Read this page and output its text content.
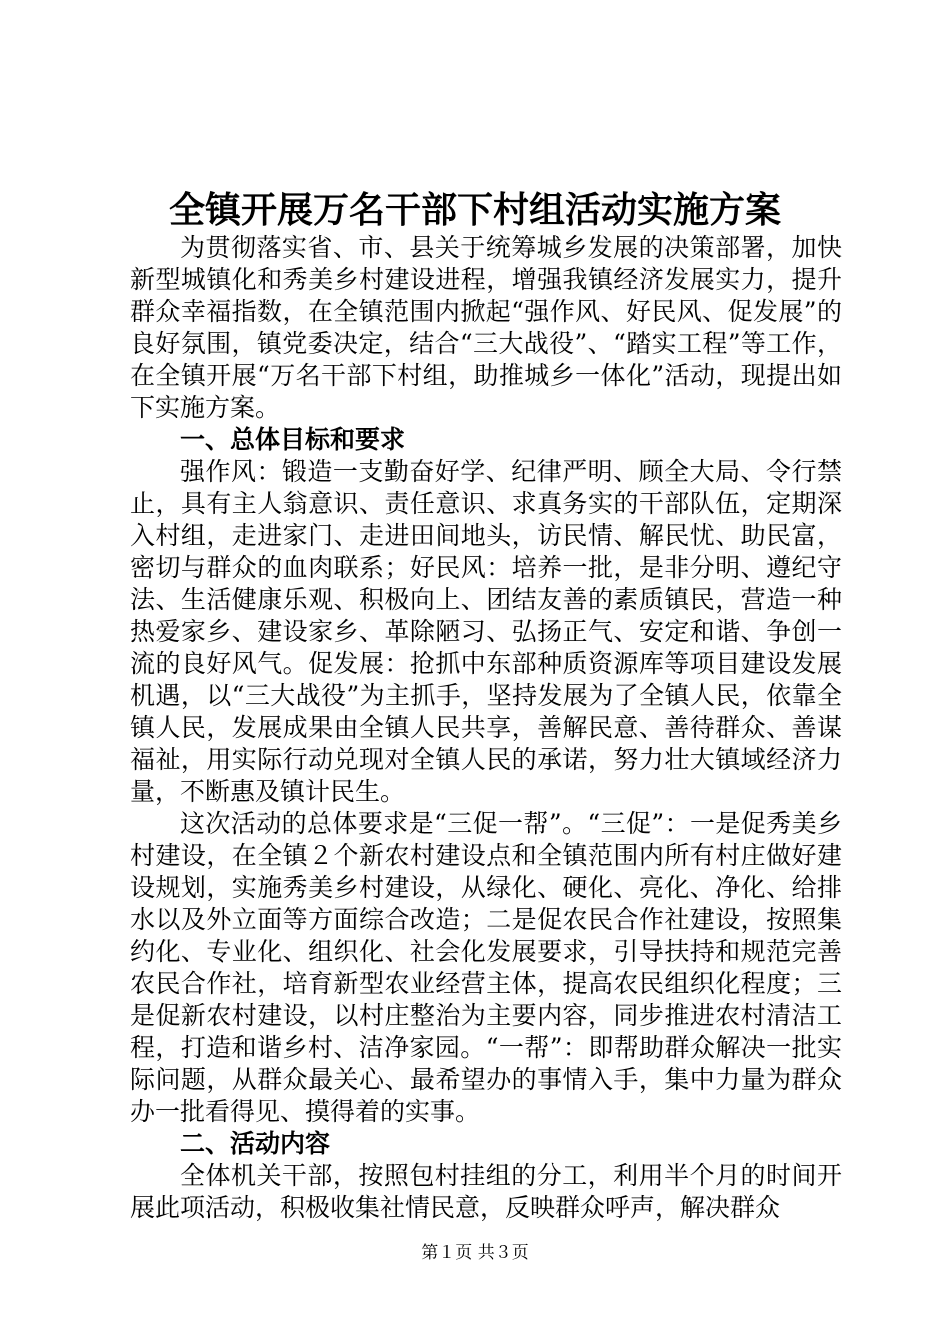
全镇开展万名干部下村组活动实施方案

为贯彻落实省、市、县关于统筹城乡发展的决策部署，加快新型城镇化和秀美乡村建设进程，增强我镇经济发展实力，提升群众幸福指数，在全镇范围内掀起“强作风、好民风、促发展”的良好氛围，镇党委决定，结合“三大战役”、“踏实工程”等工作，在全镇开展“万名干部下村组，助推城乡一体化”活动，现提出如下实施方案。

一、总体目标和要求

强作风：锻造一支勤奋好学、纪律严明、顾全大局、令行禁止，具有主人翁意识、责任意识、求真务实的干部队伍，定期深入村组，走进家门、走进田间地头，访民情、解民忧、助民富，密切与群众的血肉联系；好民风：培养一批，是非分明、遵纪守法、生活健康乐观、积极向上、团结友善的素质镇民，营造一种热爱家乡、建设家乡、革除陋习、弘扬正气、安定和谐、争创一流的良好风气。促发展：抢抓中东部种质资源库等项目建设发展机遇，以“三大战役”为主抓手，坚持发展为了全镇人民，依靠全镇人民，发展成果由全镇人民共享，善解民意、善待群众、善谋福祉，用实际行动兑现对全镇人民的承诺，努力壮大镇域经济力量，不断惠及镇计民生。

这次活动的总体要求是“三促一帮”。“三促”：一是促秀美乡村建设，在全镇２个新农村建设点和全镇范围内所有村庄做好建设规划，实施秀美乡村建设，从绿化、硬化、亮化、净化、给排水以及外立面等方面综合改造；二是促农民合作社建设，按照集约化、专业化、组织化、社会化发展要求，引导扶持和规范完善农民合作社，培育新型农业经营主体，提高农民组织化程度；三是促新农村建设，以村庄整治为主要内容，同步推进农村清洁工程，打造和谐乡村、洁净家园。“一帮”：即帮助群众解决一批实际问题，从群众最关心、最希望办的事情入手，集中力量为群众办一批看得见、摸得着的实事。

二、活动内容

全体机关干部，按照包村挂组的分工，利用半个月的时间开展此项活动，积极收集社情民意，反映群众呼声，解决群众

第１页 共３页
